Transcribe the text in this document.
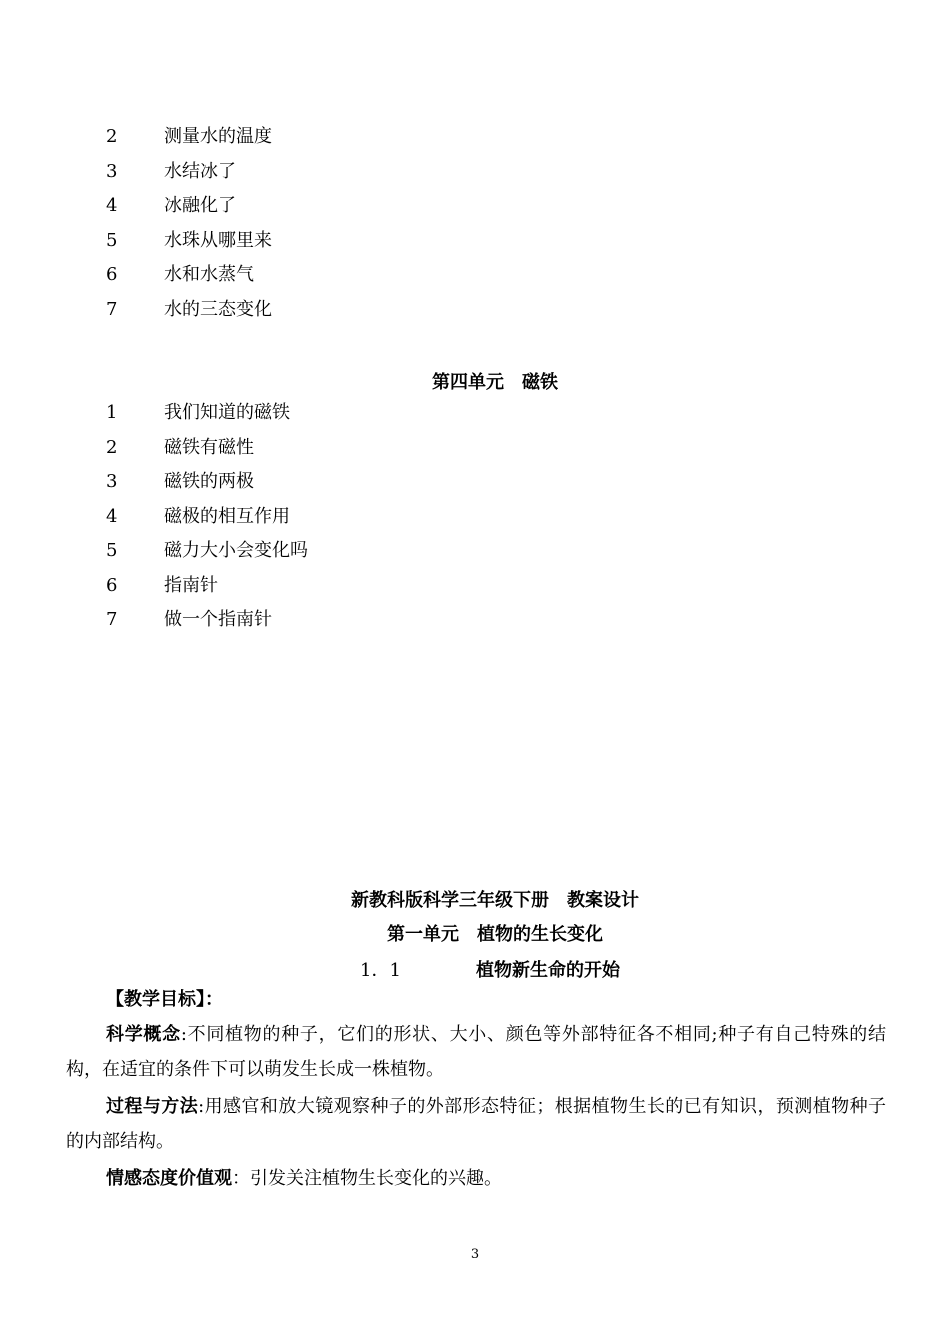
2	测量水的温度
3	水结冰了
4	冰融化了
5	水珠从哪里来
6	水和水蒸气
7	水的三态变化
第四单元　磁铁
1	我们知道的磁铁
2	磁铁有磁性
3	磁铁的两极
4	磁极的相互作用
5	磁力大小会变化吗
6	指南针
7	做一个指南针
新教科版科学三年级下册　教案设计
第一单元　植物的生长变化
1．1	植物新生命的开始
【教学目标】：
科学概念:不同植物的种子，它们的形状、大小、颜色等外部特征各不相同;种子有自己特殊的结构，在适宜的条件下可以萌发生长成一株植物。
过程与方法:用感官和放大镜观察种子的外部形态特征；根据植物生长的已有知识，预测植物种子的内部结构。
情感态度价值观：引发关注植物生长变化的兴趣。
3
